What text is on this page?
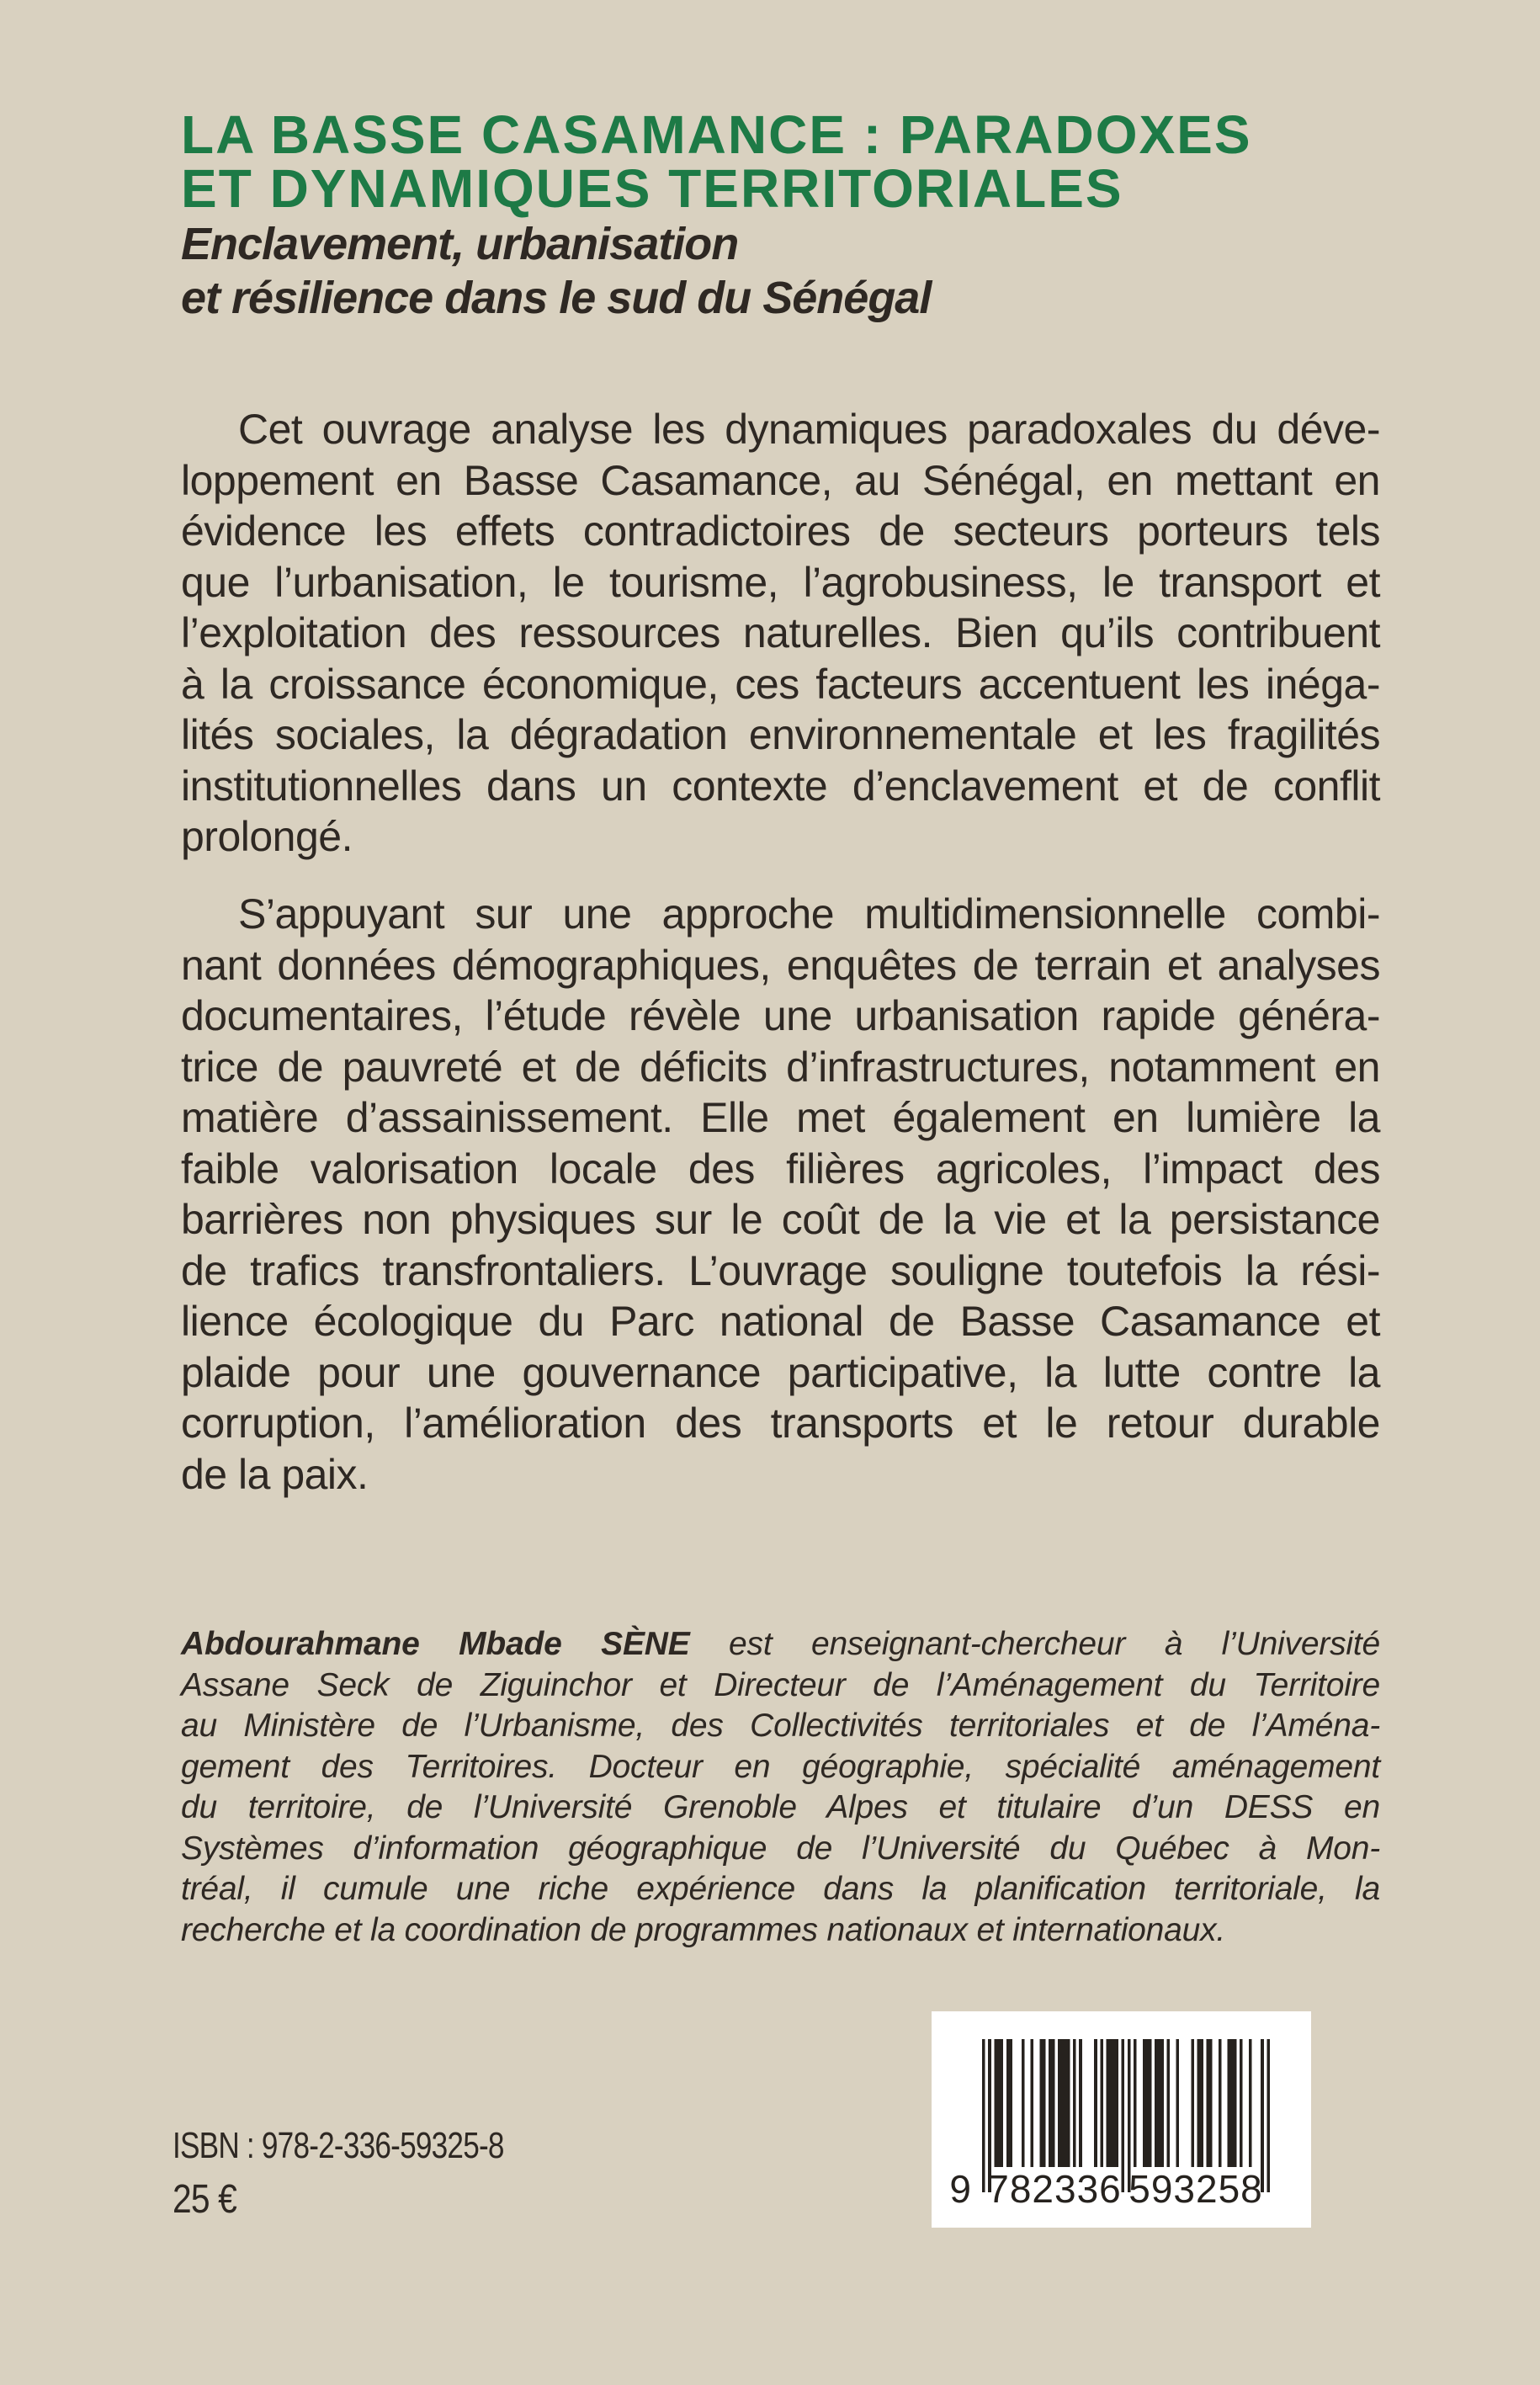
LA BASSE CASAMANCE : PARADOXES
ET DYNAMIQUES TERRITORIALES
Enclavement, urbanisation
et résilience dans le sud du Sénégal
Cet ouvrage analyse les dynamiques paradoxales du déve-
loppement en Basse Casamance, au Sénégal, en mettant en
évidence les effets contradictoires de secteurs porteurs tels
que l’urbanisation, le tourisme, l’agrobusiness, le transport et
l’exploitation des ressources naturelles. Bien qu’ils contribuent
à la croissance économique, ces facteurs accentuent les inéga-
lités sociales, la dégradation environnementale et les fragilités
institutionnelles dans un contexte d’enclavement et de conflit
prolongé.
S’appuyant sur une approche multidimensionnelle combi-
nant données démographiques, enquêtes de terrain et analyses
documentaires, l’étude révèle une urbanisation rapide généra-
trice de pauvreté et de déficits d’infrastructures, notamment en
matière d’assainissement. Elle met également en lumière la
faible valorisation locale des filières agricoles, l’impact des
barrières non physiques sur le coût de la vie et la persistance
de trafics transfrontaliers. L’ouvrage souligne toutefois la rési-
lience écologique du Parc national de Basse Casamance et
plaide pour une gouvernance participative, la lutte contre la
corruption, l’amélioration des transports et le retour durable
de la paix.
Abdourahmane Mbade SÈNE est enseignant-chercheur à l’Université
Assane Seck de Ziguinchor et Directeur de l’Aménagement du Territoire
au Ministère de l’Urbanisme, des Collectivités territoriales et de l’Aména-
gement des Territoires. Docteur en géographie, spécialité aménagement
du territoire, de l’Université Grenoble Alpes et titulaire d’un DESS en
Systèmes d’information géographique de l’Université du Québec à Mon-
tréal, il cumule une riche expérience dans la planification territoriale, la
recherche et la coordination de programmes nationaux et internationaux.
ISBN : 978-2-336-59325-8
25 €	9 782336 593258
